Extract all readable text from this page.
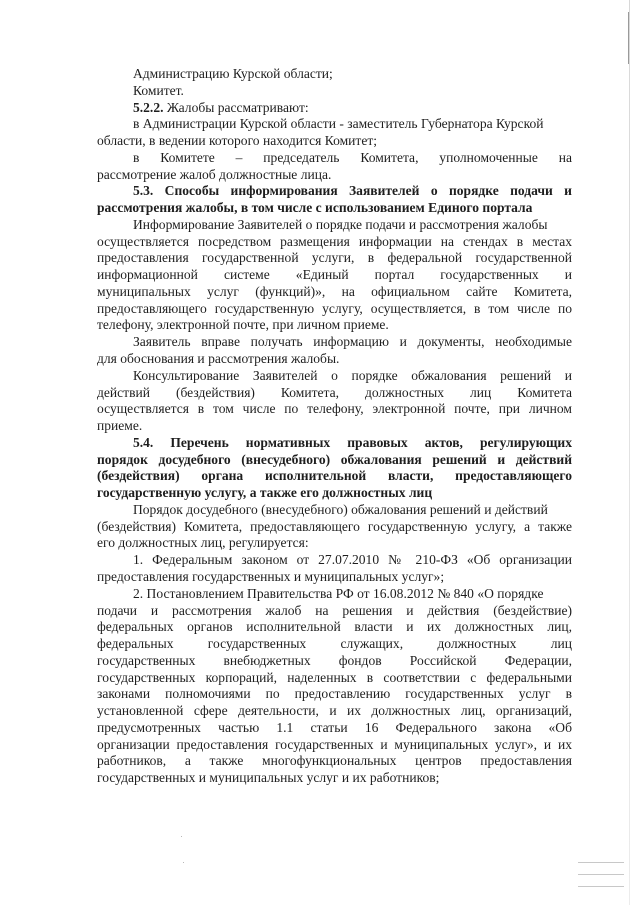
Администрацию Курской области;
Комитет.
5.2.2. Жалобы рассматривают:
в Администрации Курской области - заместитель Губернатора Курской
области, в ведении которого находится Комитет;
в Комитете – председатель Комитета, уполномоченные на
рассмотрение жалоб должностные лица.
5.3. Способы информирования Заявителей о порядке подачи и
рассмотрения жалобы, в том числе с использованием Единого портала
Информирование Заявителей о порядке подачи и рассмотрения жалобы
осуществляется посредством размещения информации на стендах в местах
предоставления государственной услуги, в федеральной государственной
информационной системе «Единый портал государственных и
муниципальных услуг (функций)», на официальном сайте Комитета,
предоставляющего государственную услугу, осуществляется, в том числе по
телефону, электронной почте, при личном приеме.
Заявитель вправе получать информацию и документы, необходимые
для обоснования и рассмотрения жалобы.
Консультирование Заявителей о порядке обжалования решений и
действий (бездействия) Комитета, должностных лиц Комитета
осуществляется в том числе по телефону, электронной почте, при личном
приеме.
5.4. Перечень нормативных правовых актов, регулирующих
порядок досудебного (внесудебного) обжалования решений и действий
(бездействия) органа исполнительной власти, предоставляющего
государственную услугу, а также его должностных лиц
Порядок досудебного (внесудебного) обжалования решений и действий
(бездействия) Комитета, предоставляющего государственную услугу, а также
его должностных лиц, регулируется:
1. Федеральным законом от 27.07.2010 № 210-ФЗ «Об организации
предоставления государственных и муниципальных услуг»;
2. Постановлением Правительства РФ от 16.08.2012 № 840 «О порядке
подачи и рассмотрения жалоб на решения и действия (бездействие)
федеральных органов исполнительной власти и их должностных лиц,
федеральных государственных служащих, должностных лиц
государственных внебюджетных фондов Российской Федерации,
государственных корпораций, наделенных в соответствии с федеральными
законами полномочиями по предоставлению государственных услуг в
установленной сфере деятельности, и их должностных лиц, организаций,
предусмотренных частью 1.1 статьи 16 Федерального закона «Об
организации предоставления государственных и муниципальных услуг», и их
работников, а также многофункциональных центров предоставления
государственных и муниципальных услуг и их работников;
